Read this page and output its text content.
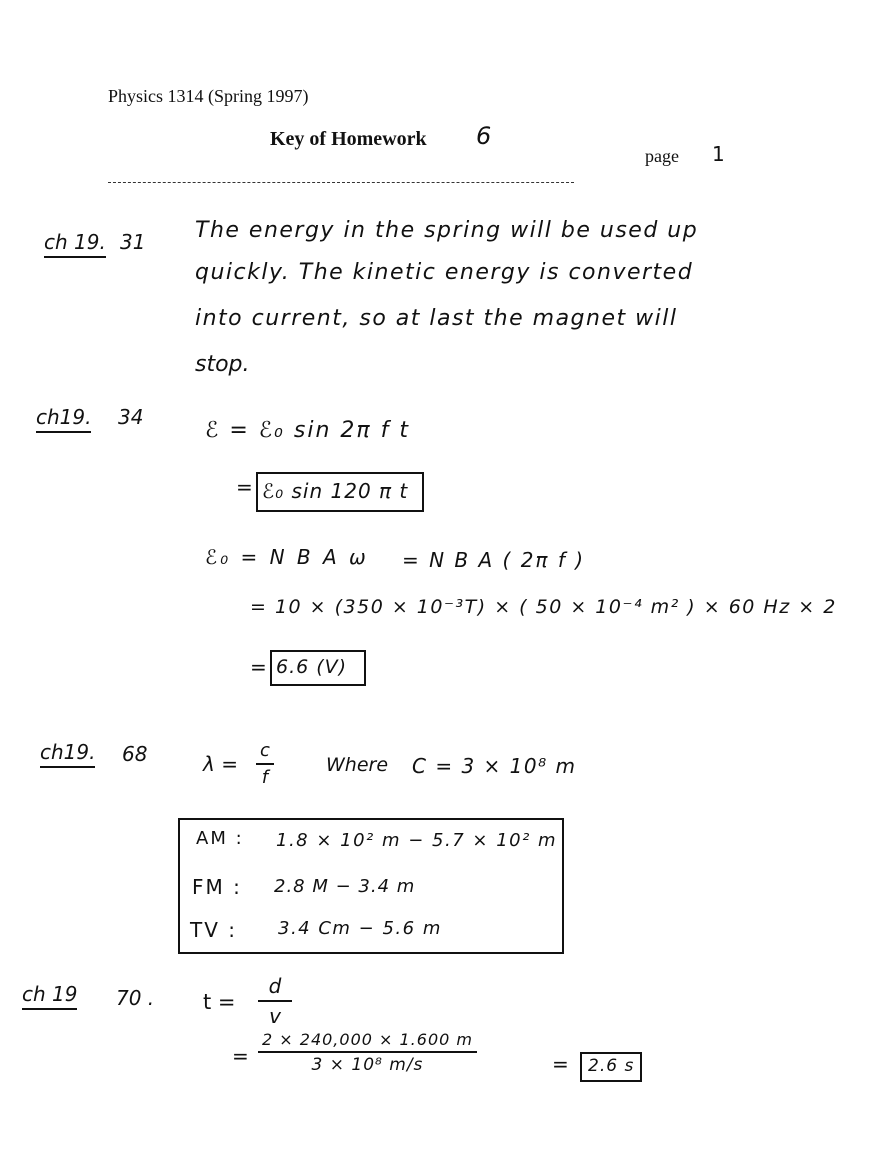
Physics 1314 (Spring 1997)
Key of Homework 6
page 1
ch 19. 31 The energy in the spring will be used up
quickly. The kinetic energy is converted
into current, so at last the magnet will
stop.
ch19. 34
ℰ = ℰ₀ sin 2π f t
= ℰ₀ sin 120 π t
ℰ₀ = N B A ω = N B A ( 2π f )
= 10 × (350 × 10⁻³T) × ( 50 × 10⁻⁴ m² ) × 60 Hz × 2
= 6.6 (V)
ch19. 68	$\lambda = \frac{c}{f}$	Where C = 3 × 10⁸ m
AM : 1.8 × 10² m − 5.7 × 10² m
FM : 2.8 M − 3.4 m
TV : 3.4 Cm − 5.6 m
ch 19 70 . $t = \frac{d}{v}$
= $\frac{2 \times 240,000 \times 1.600 m}{\text{3 × 10⁸ m/s}}$	= 2.6 s
